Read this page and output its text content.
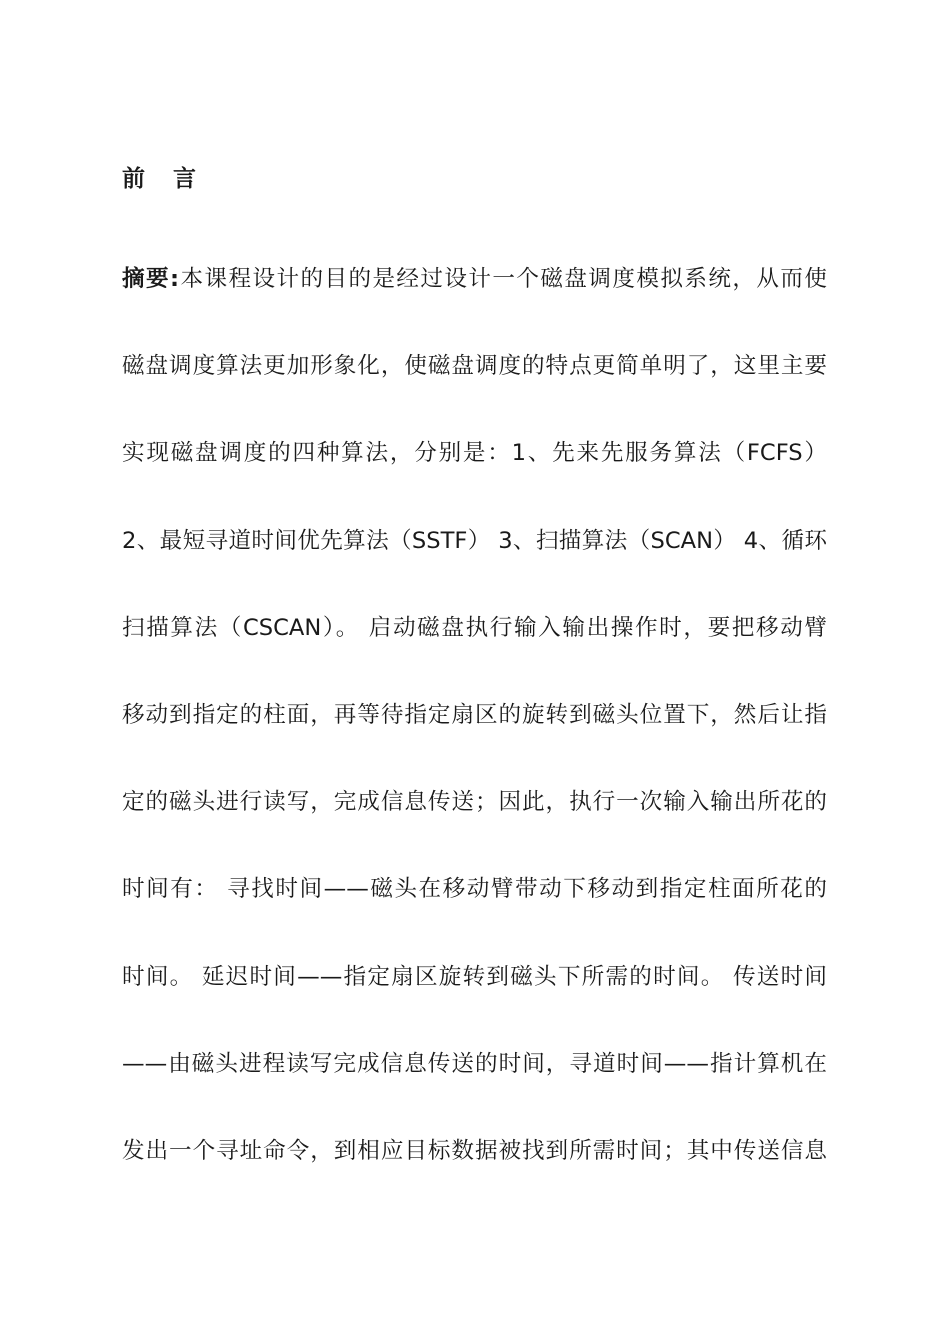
前 言
摘要:本课程设计的目的是经过设计一个磁盘调度模拟系统，从而使
磁盘调度算法更加形象化，使磁盘调度的特点更简单明了，这里主要
实现磁盘调度的四种算法，分别是：1、先来先服务算法（FCFS）
2、最短寻道时间优先算法（SSTF） 3、扫描算法（SCAN） 4、循环
扫描算法（CSCAN）。 启动磁盘执行输入输出操作时，要把移动臂
移动到指定的柱面，再等待指定扇区的旋转到磁头位置下，然后让指
定的磁头进行读写，完成信息传送；因此，执行一次输入输出所花的
时间有： 寻找时间——磁头在移动臂带动下移动到指定柱面所花的
时间。 延迟时间——指定扇区旋转到磁头下所需的时间。 传送时间
——由磁头进程读写完成信息传送的时间，寻道时间——指计算机在
发出一个寻址命令，到相应目标数据被找到所需时间；其中传送信息
